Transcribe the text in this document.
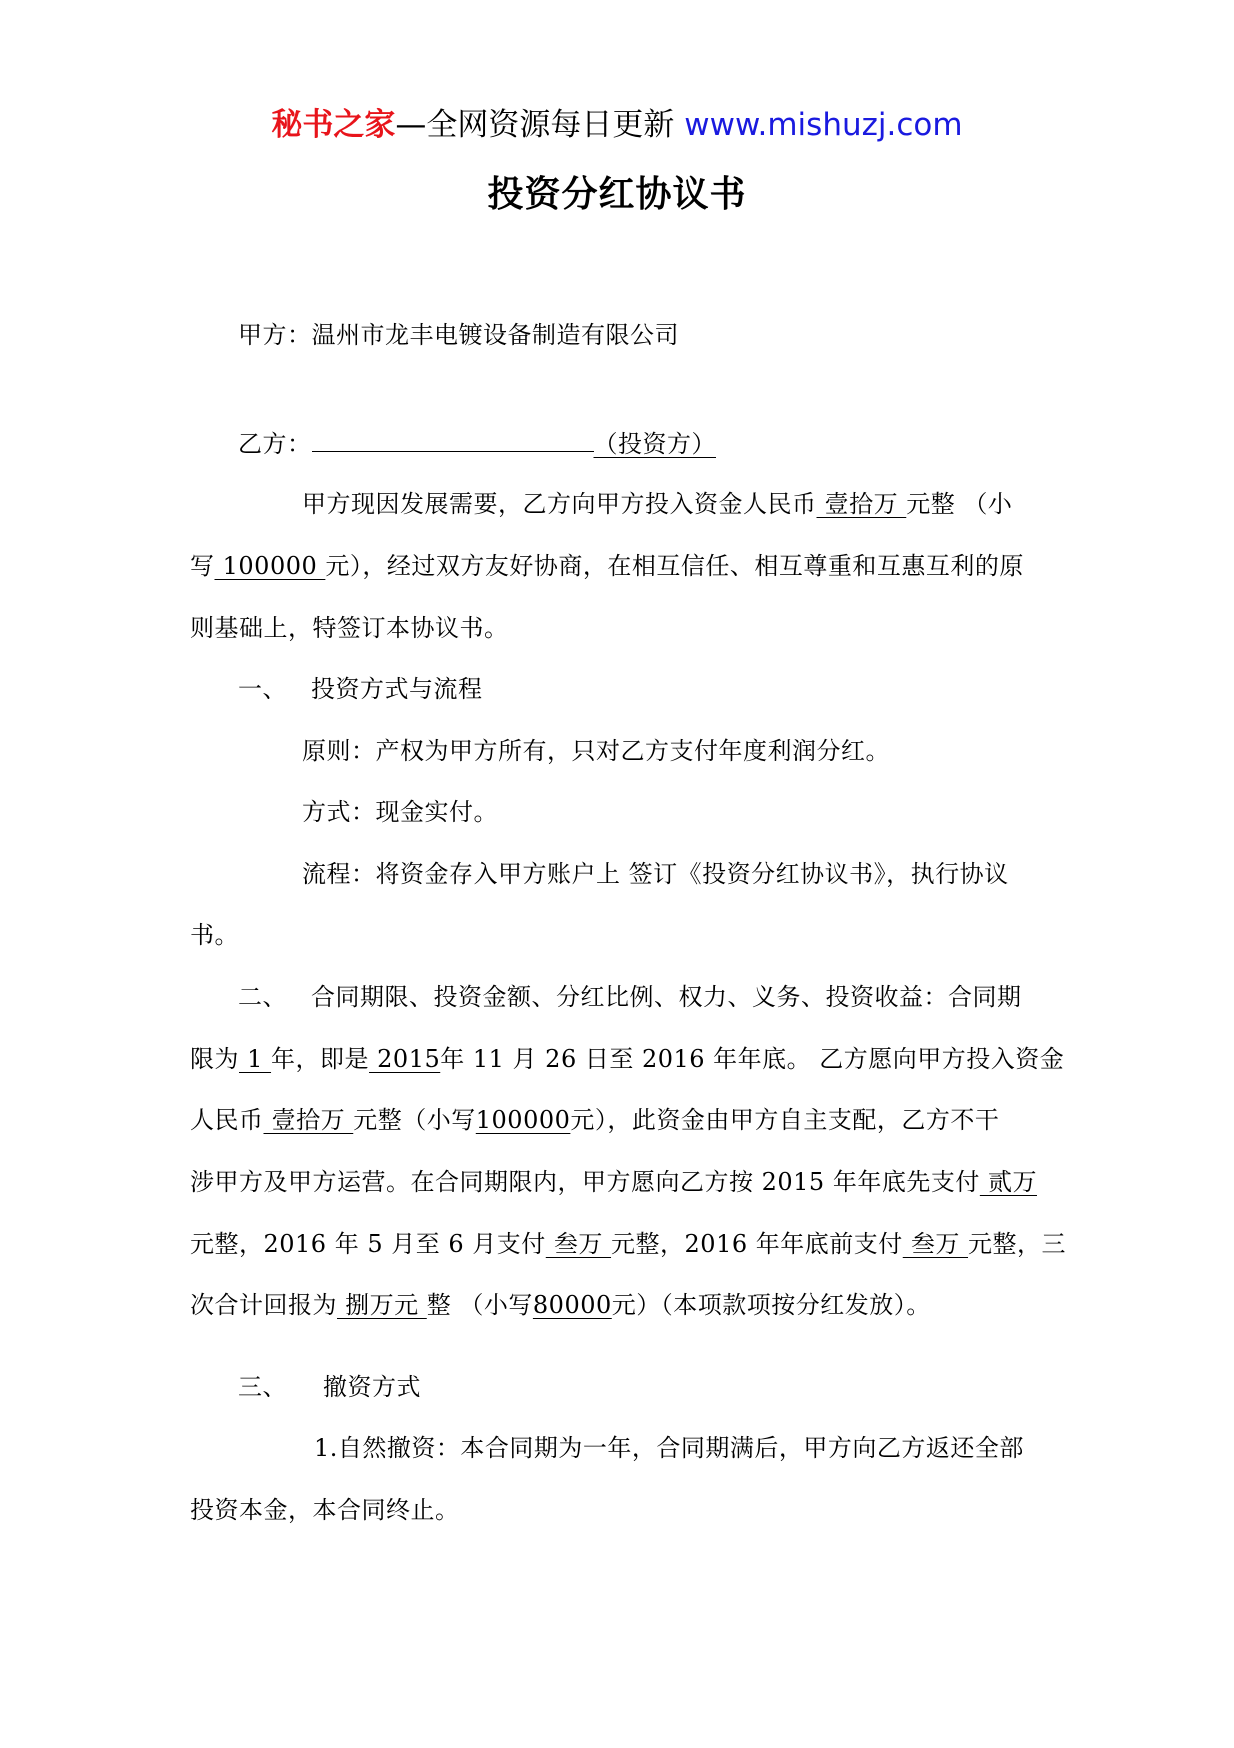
秘书之家—全网资源每日更新 www.mishuzj.com
投资分红协议书
甲方：温州市龙丰电镀设备制造有限公司
乙方：	（投资方）
甲方现因发展需要，乙方向甲方投入资金人民币 壹拾万 元整 （小
写 100000 元），经过双方友好协商，在相互信任、相互尊重和互惠互利的原
则基础上，特签订本协议书。
一、 投资方式与流程
原则：产权为甲方所有，只对乙方支付年度利润分红。
方式：现金实付。
流程：将资金存入甲方账户上 签订《投资分红协议书》，执行协议
书。
二、 合同期限、投资金额、分红比例、权力、义务、投资收益：合同期
限为 1 年，即是 2015年 11 月 26 日至 2016 年年底。 乙方愿向甲方投入资金
人民币 壹拾万 元整（小写100000元），此资金由甲方自主支配，乙方不干
涉甲方及甲方运营。在合同期限内，甲方愿向乙方按 2015 年年底先支付 贰万
元整，2016 年 5 月至 6 月支付 叁万 元整，2016 年年底前支付 叁万 元整，三
次合计回报为 捌万元 整 （小写80000元）（本项款项按分红发放）。
三、 撤资方式
1.自然撤资：本合同期为一年，合同期满后，甲方向乙方返还全部
投资本金，本合同终止。
